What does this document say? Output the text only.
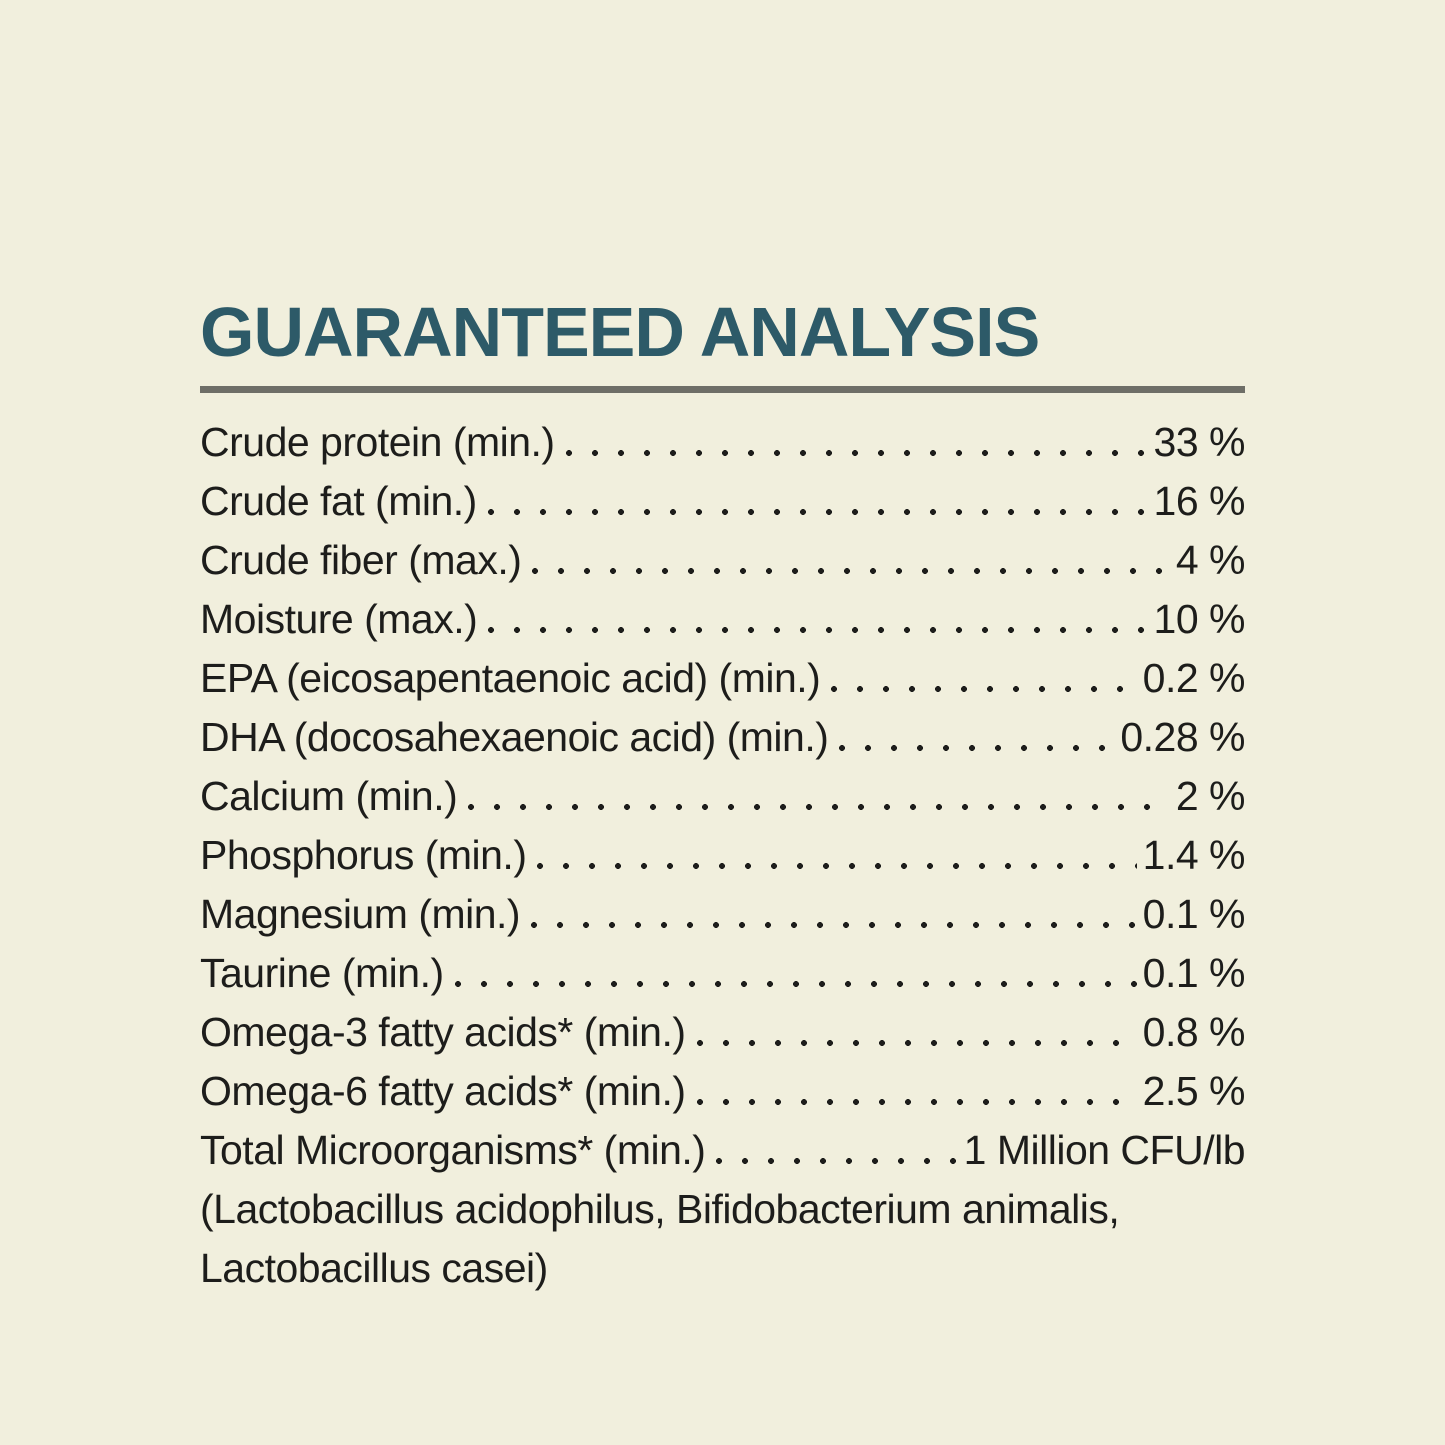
GUARANTEED ANALYSIS
Crude protein (min.)	33 %
Crude fat (min.)	16 %
Crude fiber (max.)	4 %
Moisture (max.)	10 %
EPA (eicosapentaenoic acid) (min.)	0.2 %
DHA (docosahexaenoic acid) (min.)	0.28 %
Calcium (min.)	2 %
Phosphorus (min.)	1.4 %
Magnesium (min.)	0.1 %
Taurine (min.)	0.1 %
Omega-3 fatty acids* (min.)	0.8 %
Omega-6 fatty acids* (min.)	2.5 %
Total Microorganisms* (min.)	1 Million CFU/lb
(Lactobacillus acidophilus, Bifidobacterium animalis,
Lactobacillus casei)
